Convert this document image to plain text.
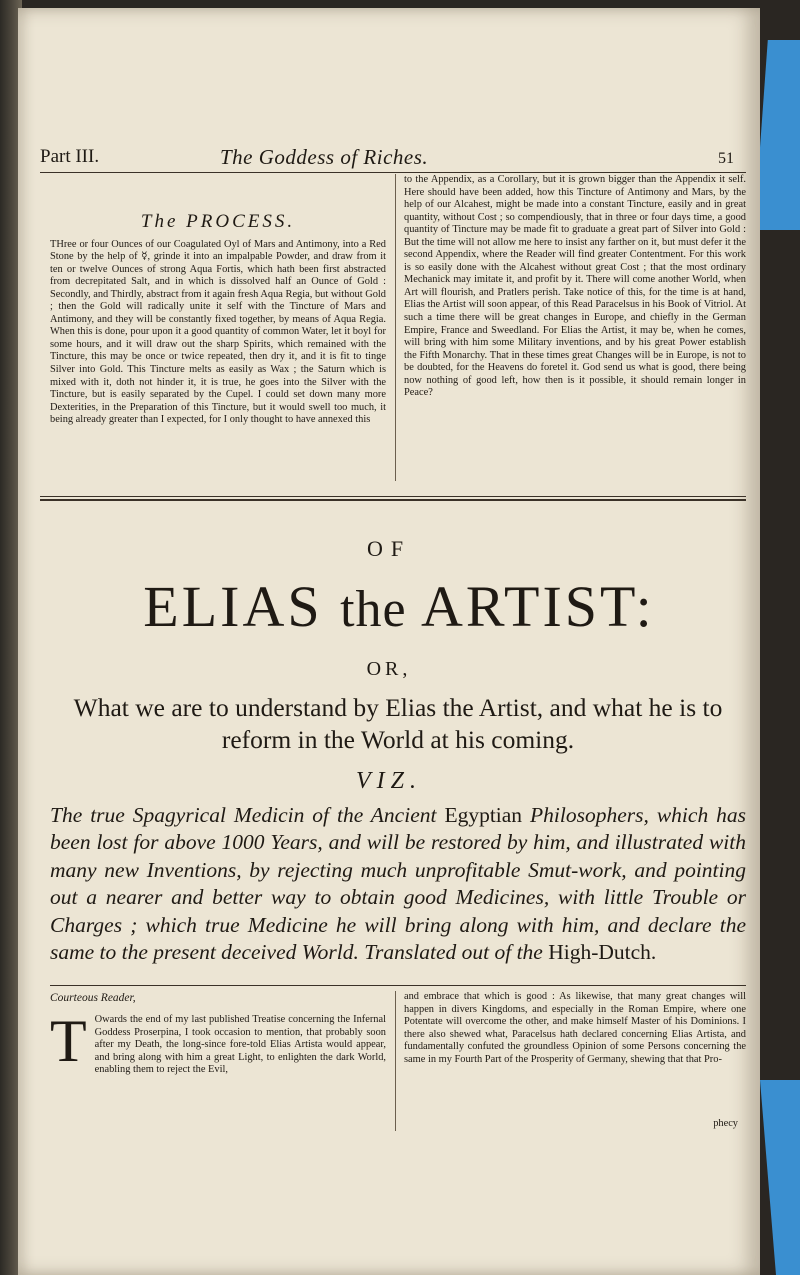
Part III.	The Goddess of Riches.	51

The PROCESS.

THree or four Ounces of our Coagulated Oyl of Mars and Antimony, into a Red Stone by the help of ☿, grinde it into an impalpable Powder, and draw from it ten or twelve Ounces of strong Aqua Fortis, which hath been first abstracted from decrepitated Salt, and in which is dissolved half an Ounce of Gold : Secondly, and Thirdly, abstract from it again fresh Aqua Regia, but without Gold ; then the Gold will radically unite it self with the Tincture of Mars and Antimony, and they will be constantly fixed together, by means of Aqua Regia. When this is done, pour upon it a good quantity of common Water, let it boyl for some hours, and it will draw out the sharp Spirits, which remained with the Tincture, this may be once or twice repeated, then dry it, and it is fit to tinge Silver into Gold. This Tincture melts as easily as Wax ; the Saturn which is mixed with it, doth not hinder it, it is true, he goes into the Silver with the Tincture, but is easily separated by the Cupel. I could set down many more Dexterities, in the Preparation of this Tincture, but it would swell too much, it being already greater than I expected, for I only thought to have annexed this

to the Appendix, as a Corollary, but it is grown bigger than the Appendix it self. Here should have been added, how this Tincture of Antimony and Mars, by the help of our Alcahest, might be made into a constant Tincture, easily and in great quantity, without Cost ; so compendiously, that in three or four days time, a good quantity of Tincture may be made fit to graduate a great part of Silver into Gold : But the time will not allow me here to insist any farther on it, but must defer it the second Appendix, where the Reader will find greater Contentment. For this work is so easily done with the Alcahest without great Cost ; that the most ordinary Mechanick may imitate it, and profit by it. There will come another World, when Art will flourish, and Pratlers perish. Take notice of this, for the time is at hand, Elias the Artist will soon appear, of this Read Paracelsus in his Book of Vitriol. At such a time there will be great changes in Europe, and chiefly in the German Empire, France and Sweedland. For Elias the Artist, it may be, when he comes, will bring with him some Military inventions, and by his great Power establish the Fifth Monarchy. That in these times great Changes will be in Europe, is not to be doubted, for the Heavens do foretel it. God send us what is good, there being now nothing of good left, how then is it possible, it should remain longer in Peace?

OF
ELIAS the ARTIST:
OR,
What we are to understand by Elias the Artist, and what he is to reform in the World at his coming.
VIZ.
The true Spagyrical Medicin of the Ancient Egyptian Philosophers, which has been lost for above 1000 Years, and will be restored by him, and illustrated with many new Inventions, by rejecting much unprofitable Smut-work, and pointing out a nearer and better way to obtain good Medicines, with little Trouble or Charges ; which true Medicine he will bring along with him, and declare the same to the present deceived World. Translated out of the High-Dutch.
Courteous Reader,

T Owards the end of my last published Treatise concerning the Infernal Goddess Proserpina, I took occasion to mention, that probably soon after my Death, the long-since fore-told Elias Artista would appear, and bring along with him a great Light, to enlighten the dark World, enabling them to reject the Evil,

and embrace that which is good : As likewise, that many great changes will happen in divers Kingdoms, and especially in the Roman Empire, where one Potentate will overcome the other, and make himself Master of his Dominions. I there also shewed what, Paracelsus hath declared concerning Elias Artista, and fundamentally confuted the groundless Opinion of some Persons concerning the same in my Fourth Part of the Prosperity of Germany, shewing that that Pro-

phecy
